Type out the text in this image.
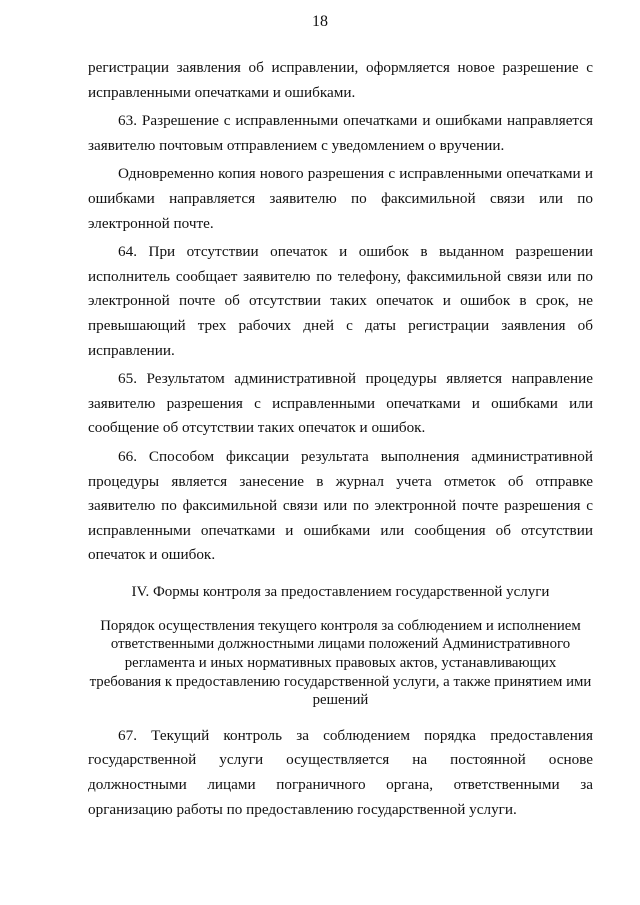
18

регистрации заявления об исправлении, оформляется новое разрешение с исправленными опечатками и ошибками.

63. Разрешение с исправленными опечатками и ошибками направляется заявителю почтовым отправлением с уведомлением о вручении.

Одновременно копия нового разрешения с исправленными опечатками и ошибками направляется заявителю по факсимильной связи или по электронной почте.

64. При отсутствии опечаток и ошибок в выданном разрешении исполнитель сообщает заявителю по телефону, факсимильной связи или по электронной почте об отсутствии таких опечаток и ошибок в срок, не превышающий трех рабочих дней с даты регистрации заявления об исправлении.

65. Результатом административной процедуры является направление заявителю разрешения с исправленными опечатками и ошибками или сообщение об отсутствии таких опечаток и ошибок.

66. Способом фиксации результата выполнения административной процедуры является занесение в журнал учета отметок об отправке заявителю по факсимильной связи или по электронной почте разрешения с исправленными опечатками и ошибками или сообщения об отсутствии опечаток и ошибок.

IV. Формы контроля за предоставлением государственной услуги

Порядок осуществления текущего контроля за соблюдением и исполнением ответственными должностными лицами положений Административного регламента и иных нормативных правовых актов, устанавливающих требования к предоставлению государственной услуги, а также принятием ими решений

67. Текущий контроль за соблюдением порядка предоставления государственной услуги осуществляется на постоянной основе должностными лицами пограничного органа, ответственными за организацию работы по предоставлению государственной услуги.
